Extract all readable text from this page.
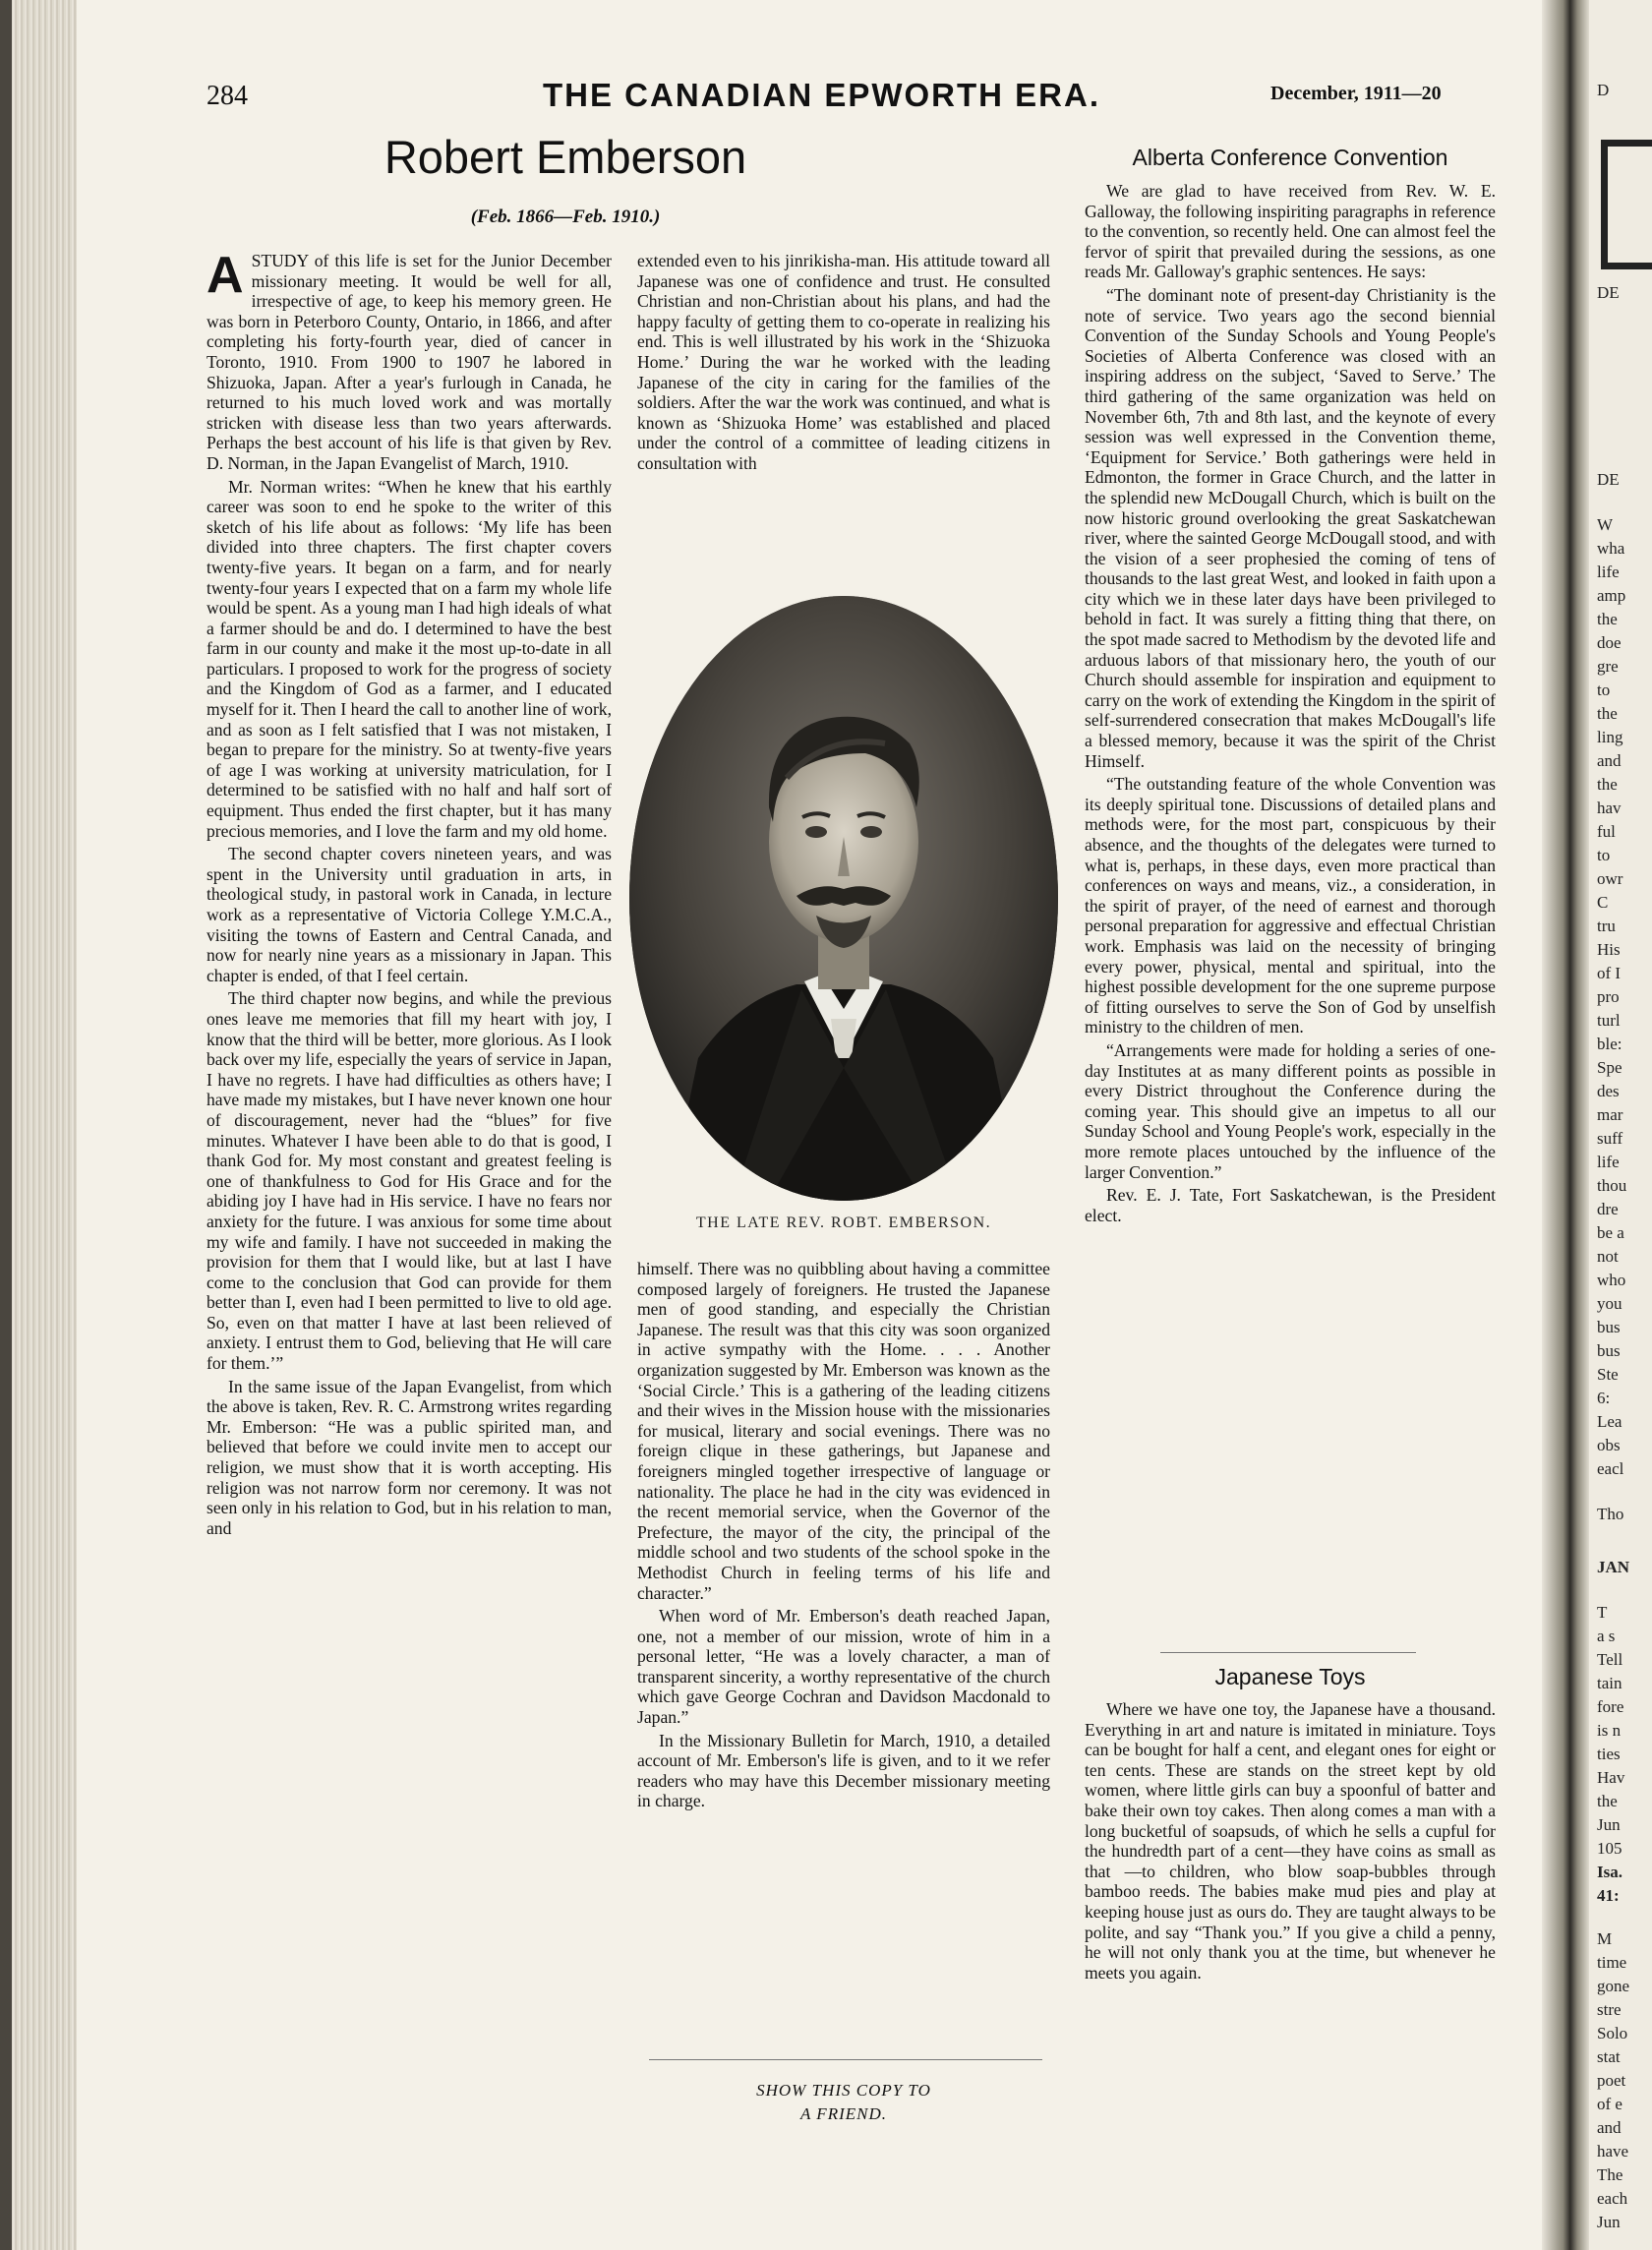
284	THE CANADIAN EPWORTH ERA.	December, 1911—20
Robert Emberson
(Feb. 1866—Feb. 1910.)

ASTUDY of this life is set for the Junior December missionary meeting. It would be well for all, irrespective of age, to keep his memory green. He was born in Peterboro County, Ontario, in 1866, and after completing his forty-fourth year, died of cancer in Toronto, 1910. From 1900 to 1907 he labored in Shizuoka, Japan. After a year's furlough in Canada, he returned to his much loved work and was mortally stricken with disease less than two years afterwards. Perhaps the best account of his life is that given by Rev. D. Norman, in the Japan Evangelist of March, 1910.

Mr. Norman writes: “When he knew that his earthly career was soon to end he spoke to the writer of this sketch of his life about as follows: ‘My life has been divided into three chapters. The first chapter covers twenty-five years. It began on a farm, and for nearly twenty-four years I expected that on a farm my whole life would be spent. As a young man I had high ideals of what a farmer should be and do. I determined to have the best farm in our county and make it the most up-to-date in all particulars. I proposed to work for the progress of society and the Kingdom of God as a farmer, and I educated myself for it. Then I heard the call to another line of work, and as soon as I felt satisfied that I was not mistaken, I began to prepare for the ministry. So at twenty-five years of age I was working at university matriculation, for I determined to be satisfied with no half and half sort of equipment. Thus ended the first chapter, but it has many precious memories, and I love the farm and my old home.

The second chapter covers nineteen years, and was spent in the University until graduation in arts, in theological study, in pastoral work in Canada, in lecture work as a representative of Victoria College Y.M.C.A., visiting the towns of Eastern and Central Canada, and now for nearly nine years as a missionary in Japan. This chapter is ended, of that I feel certain.

The third chapter now begins, and while the previous ones leave me memories that fill my heart with joy, I know that the third will be better, more glorious. As I look back over my life, especially the years of service in Japan, I have no regrets. I have had difficulties as others have; I have made my mistakes, but I have never known one hour of discouragement, never had the “blues” for five minutes. Whatever I have been able to do that is good, I thank God for. My most constant and greatest feeling is one of thankfulness to God for His Grace and for the abiding joy I have had in His service. I have no fears nor anxiety for the future. I was anxious for some time about my wife and family. I have not succeeded in making the provision for them that I would like, but at last I have come to the conclusion that God can provide for them better than I, even had I been permitted to live to old age. So, even on that matter I have at last been relieved of anxiety. I entrust them to God, believing that He will care for them.’”

In the same issue of the Japan Evangelist, from which the above is taken, Rev. R. C. Armstrong writes regarding Mr. Emberson: “He was a public spirited man, and believed that before we could invite men to accept our religion, we must show that it is worth accepting. His religion was not narrow form nor ceremony. It was not seen only in his relation to God, but in his relation to man, and

extended even to his jinrikisha-man. His attitude toward all Japanese was one of confidence and trust. He consulted Christian and non-Christian about his plans, and had the happy faculty of getting them to co-operate in realizing his end. This is well illustrated by his work in the ‘Shizuoka Home.’ During the war he worked with the leading Japanese of the city in caring for the families of the soldiers. After the war the work was continued, and what is known as ‘Shizuoka Home’ was established and placed under the control of a committee of leading citizens in consultation with

THE LATE REV. ROBT. EMBERSON.

himself. There was no quibbling about having a committee composed largely of foreigners. He trusted the Japanese men of good standing, and especially the Christian Japanese. The result was that this city was soon organized in active sympathy with the Home. . . . Another organization suggested by Mr. Emberson was known as the ‘Social Circle.’ This is a gathering of the leading citizens and their wives in the Mission house with the missionaries for musical, literary and social evenings. There was no foreign clique in these gatherings, but Japanese and foreigners mingled together irrespective of language or nationality. The place he had in the city was evidenced in the recent memorial service, when the Governor of the Prefecture, the mayor of the city, the principal of the middle school and two students of the school spoke in the Methodist Church in feeling terms of his life and character.”

When word of Mr. Emberson's death reached Japan, one, not a member of our mission, wrote of him in a personal letter, “He was a lovely character, a man of transparent sincerity, a worthy representative of the church which gave George Cochran and Davidson Macdonald to Japan.”

In the Missionary Bulletin for March, 1910, a detailed account of Mr. Emberson's life is given, and to it we refer readers who may have this December missionary meeting in charge.

SHOW THIS COPY TO
A FRIEND.
Alberta Conference Convention

We are glad to have received from Rev. W. E. Galloway, the following inspiriting paragraphs in reference to the convention, so recently held. One can almost feel the fervor of spirit that prevailed during the sessions, as one reads Mr. Galloway's graphic sentences. He says:

“The dominant note of present-day Christianity is the note of service. Two years ago the second biennial Convention of the Sunday Schools and Young People's Societies of Alberta Conference was closed with an inspiring address on the subject, ‘Saved to Serve.’ The third gathering of the same organization was held on November 6th, 7th and 8th last, and the keynote of every session was well expressed in the Convention theme, ‘Equipment for Service.’ Both gatherings were held in Edmonton, the former in Grace Church, and the latter in the splendid new McDougall Church, which is built on the now historic ground overlooking the great Saskatchewan river, where the sainted George McDougall stood, and with the vision of a seer prophesied the coming of tens of thousands to the last great West, and looked in faith upon a city which we in these later days have been privileged to behold in fact. It was surely a fitting thing that there, on the spot made sacred to Methodism by the devoted life and arduous labors of that missionary hero, the youth of our Church should assemble for inspiration and equipment to carry on the work of extending the Kingdom in the spirit of self-surrendered consecration that makes McDougall's life a blessed memory, because it was the spirit of the Christ Himself.

“The outstanding feature of the whole Convention was its deeply spiritual tone. Discussions of detailed plans and methods were, for the most part, conspicuous by their absence, and the thoughts of the delegates were turned to what is, perhaps, in these days, even more practical than conferences on ways and means, viz., a consideration, in the spirit of prayer, of the need of earnest and thorough personal preparation for aggressive and effectual Christian work. Emphasis was laid on the necessity of bringing every power, physical, mental and spiritual, into the highest possible development for the one supreme purpose of fitting ourselves to serve the Son of God by unselfish ministry to the children of men.

“Arrangements were made for holding a series of one-day Institutes at as many different points as possible in every District throughout the Conference during the coming year. This should give an impetus to all our Sunday School and Young People's work, especially in the more remote places untouched by the influence of the larger Convention.”

Rev. E. J. Tate, Fort Saskatchewan, is the President elect.

Japanese Toys

Where we have one toy, the Japanese have a thousand. Everything in art and nature is imitated in miniature. Toys can be bought for half a cent, and elegant ones for eight or ten cents. These are stands on the street kept by old women, where little girls can buy a spoonful of batter and bake their own toy cakes. Then along comes a man with a long bucketful of soapsuds, of which he sells a cupful for the hundredth part of a cent—they have coins as small as that —to children, who blow soap-bubbles through bamboo reeds. The babies make mud pies and play at keeping house just as ours do. They are taught always to be polite, and say “Thank you.” If you give a child a penny, he will not only thank you at the time, but whenever he meets you again.

D
DE
DE
W
wha
life
amp
the
doe
gre
to
the
ling
and
the
hav
ful
to
owr
C
tru
His
of I
pro
turl
ble:
Spe
des
mar
suff
life
thou
dre
be a
not
who
you
bus
bus
Ste
6:
Lea
obs
eacl
Tho
JAN
T
a s
Tell
tain
fore
is n
ties
Hav
the
Jun
105
Isa.
41:
M
time
gone
stre
Solo
stat
poet
of e
and
have
The
each
Jun
